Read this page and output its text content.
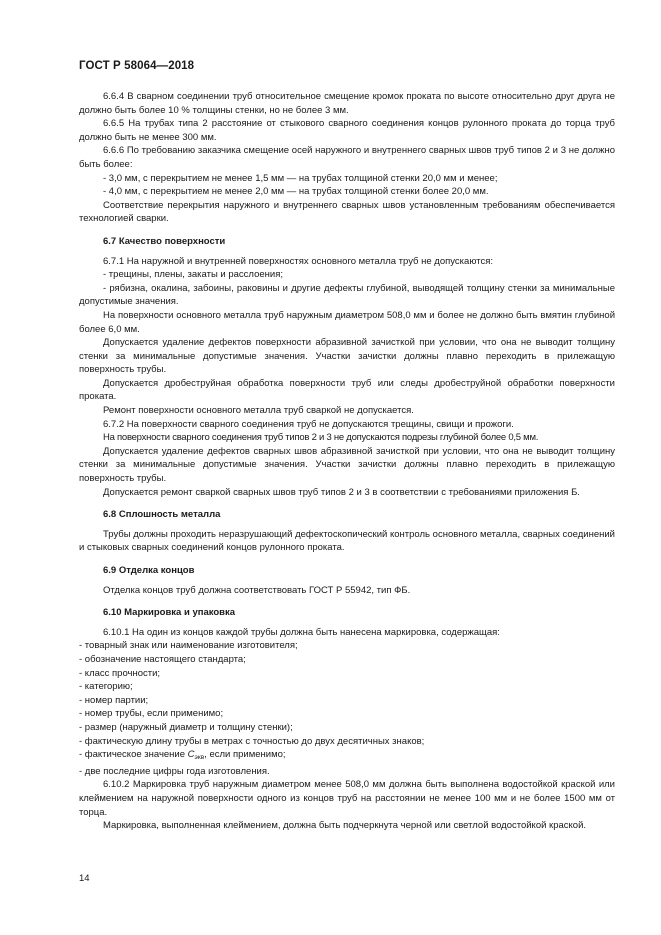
ГОСТ Р 58064—2018

6.6.4 В сварном соединении труб относительное смещение кромок проката по высоте относительно друг друга не должно быть более 10 % толщины стенки, но не более 3 мм.

6.6.5 На трубах типа 2 расстояние от стыкового сварного соединения концов рулонного проката до торца труб должно быть не менее 300 мм.

6.6.6 По требованию заказчика смещение осей наружного и внутреннего сварных швов труб типов 2 и 3 не должно быть более:

- 3,0 мм, с перекрытием не менее 1,5 мм — на трубах толщиной стенки 20,0 мм и менее;

- 4,0 мм, с перекрытием не менее 2,0 мм — на трубах толщиной стенки более 20,0 мм.

Соответствие перекрытия наружного и внутреннего сварных швов установленным требованиям обеспечивается технологией сварки.

6.7 Качество поверхности

6.7.1 На наружной и внутренней поверхностях основного металла труб не допускаются:

- трещины, плены, закаты и расслоения;

- рябизна, окалина, забоины, раковины и другие дефекты глубиной, выводящей толщину стенки за минимальные допустимые значения.

На поверхности основного металла труб наружным диаметром 508,0 мм и более не должно быть вмятин глубиной более 6,0 мм.

Допускается удаление дефектов поверхности абразивной зачисткой при условии, что она не выводит толщину стенки за минимальные допустимые значения. Участки зачистки должны плавно переходить в прилежащую поверхность трубы.

Допускается дробеструйная обработка поверхности труб или следы дробеструйной обработки поверхности проката.

Ремонт поверхности основного металла труб сваркой не допускается.

6.7.2 На поверхности сварного соединения труб не допускаются трещины, свищи и прожоги.

На поверхности сварного соединения труб типов 2 и 3 не допускаются подрезы глубиной более 0,5 мм.

Допускается удаление дефектов сварных швов абразивной зачисткой при условии, что она не выводит толщину стенки за минимальные допустимые значения. Участки зачистки должны плавно переходить в прилежащую поверхность трубы.

Допускается ремонт сваркой сварных швов труб типов 2 и 3 в соответствии с требованиями приложения Б.

6.8 Сплошность металла

Трубы должны проходить неразрушающий дефектоскопический контроль основного металла, сварных соединений и стыковых сварных соединений концов рулонного проката.

6.9 Отделка концов

Отделка концов труб должна соответствовать ГОСТ Р 55942, тип ФБ.

6.10 Маркировка и упаковка

6.10.1 На один из концов каждой трубы должна быть нанесена маркировка, содержащая:

- товарный знак или наименование изготовителя;

- обозначение настоящего стандарта;

- класс прочности;

- категорию;

- номер партии;

- номер трубы, если применимо;

- размер (наружный диаметр и толщину стенки);

- фактическую длину трубы в метрах с точностью до двух десятичных знаков;

- фактическое значение $C_{экв}$, если применимо;

- две последние цифры года изготовления.

6.10.2 Маркировка труб наружным диаметром менее 508,0 мм должна быть выполнена водостойкой краской или клеймением на наружной поверхности одного из концов труб на расстоянии не менее 100 мм и не более 1500 мм от торца.

Маркировка, выполненная клеймением, должна быть подчеркнута черной или светлой водостойкой краской.

14
